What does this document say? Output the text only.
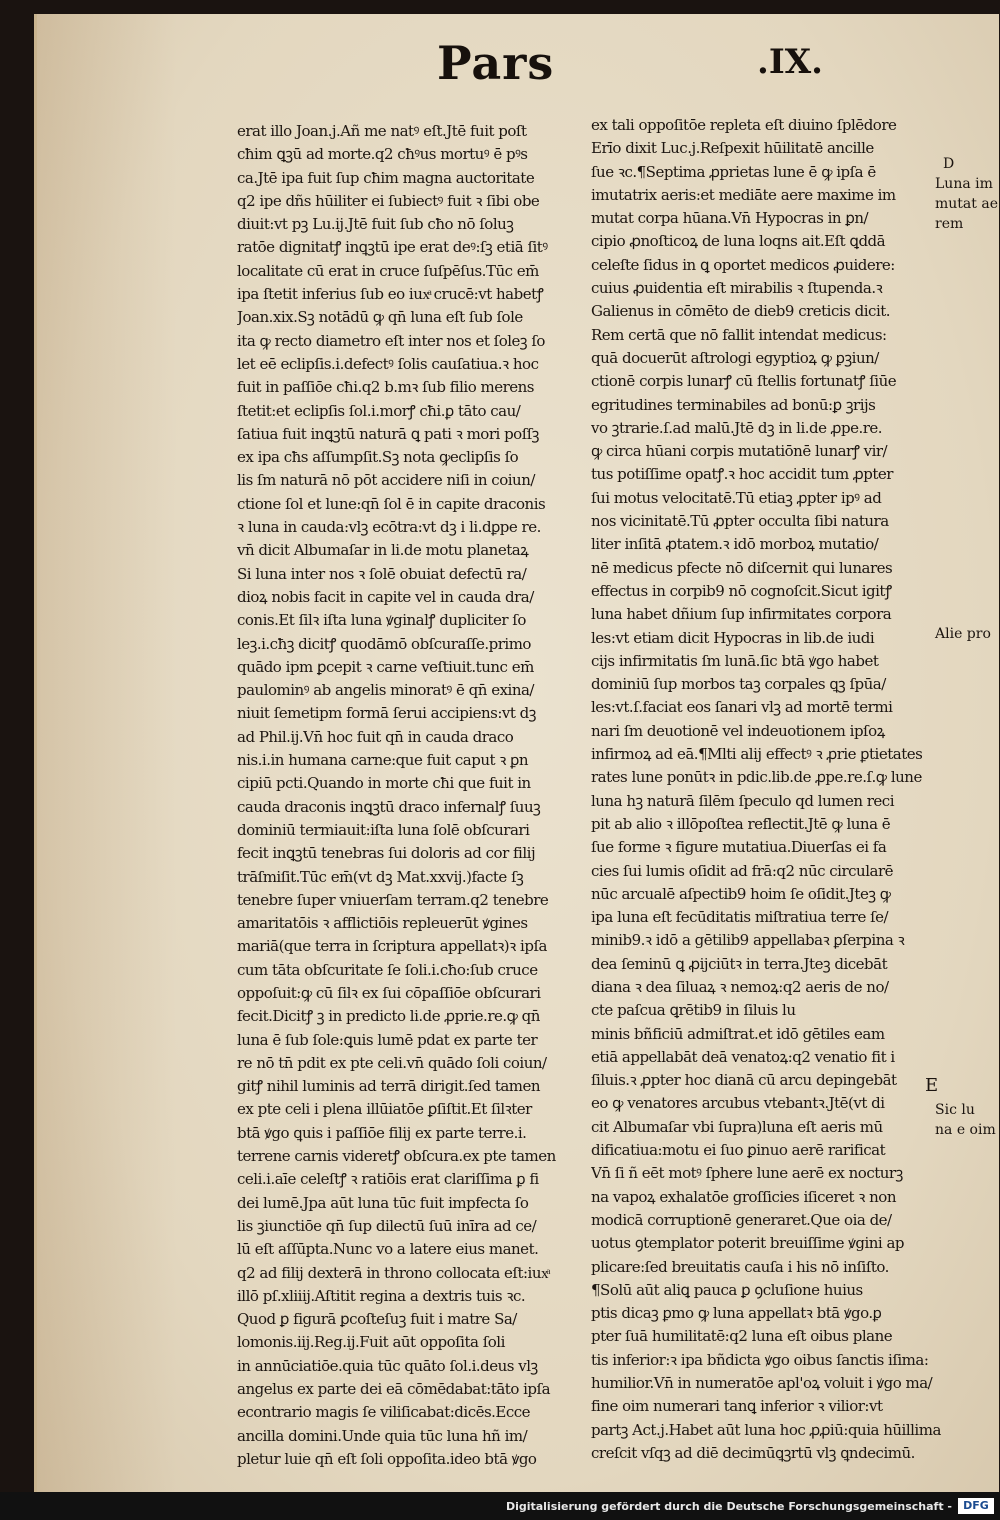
Pars	.IX.
erat illo Joan.j.Añ me natꝰ eſt.Jtē fuit poſt
cħim ꝗꝫū ad morte.q2 cħꝰus mortuꝰ ē pꝰs
ca.Jtē ipa fuit ſup cħim magna auctoritate
q2 ipe dñs hūiliter ei ſubiectꝰ fuit ꝛ ſibi obe
diuit:vt pꝫ Lu.ij.Jtē fuit ſub cħo nō ſoluꝫ
ratōe dignitatꝭ inꝗꝫtū ipe erat deꝰ:ſꝫ etiā ſitꝰ
localitate cū erat in cruce ſuſpēſus.Tūc em̄
ipa ſtetit inferius ſub eo iuxͣ crucē:vt habetꝭ
Joan.xix.Sꝫ notādū ꝙ qn̄ luna eſt ſub ſole
ita ꝙ recto diametro eſt inter nos et ſoleꝫ ſo
let eē eclipſis.i.defectꝰ ſolis cauſatiua.ꝛ hoc
fuit in paſſiōe cħi.q2 b.mꝛ ſub filio merens
ſtetit:et eclipſis ſol.i.morꝭ cħi.ꝑ tāto cau/
ſatiua fuit inꝗꝫtū naturā ꝗ pati ꝛ mori poſſꝫ
ex ipa cħs aſſumpſit.Sꝫ nota ꝙeclipſis ſo
lis ſm naturā nō pōt accidere niſi in coiun/
ctione ſol et lune:qn̄ ſol ē in capite draconis
ꝛ luna in cauda:vlꝫ ecōtra:vt dꝫ i li.dꝑpe re.
vn̄ dicit Albumaſar in li.de motu planetaꝝ
Si luna inter nos ꝛ ſolē obuiat defectū ra/
dioꝝ nobis facit in capite vel in cauda dra/
conis.Et ſilꝛ iſta luna ꝟginalꝭ dupliciter ſo
leꝫ.i.cħꝫ dicitꝭ quodāmō obſcuraſſe.primo
quādo ipm ꝑcepit ꝛ carne veſtiuit.tunc em̄
paulominꝰ ab angelis minoratꝰ ē qn̄ exina/
niuit ſemetipm formā ſerui accipiens:vt dꝫ
ad Phil.ij.Vn̄ hoc fuit qn̄ in cauda draco
nis.i.in humana carne:que fuit caput ꝛ ꝑn
cipiū pcti.Quando in morte cħi que fuit in
cauda draconis inꝗꝫtū draco infernalꝭ ſuuꝫ
dominiū termiauit:iſta luna ſolē obſcurari
fecit inꝗꝫtū tenebras ſui doloris ad cor filij
trāſmiſit.Tūc em̄(vt dꝫ Mat.xxvij.)facte ſꝫ
tenebre ſuper vniuerſam terram.q2 tenebre
amaritatōis ꝛ afflictiōis repleuerūt ꝟgines
mariā(que terra in ſcriptura appellatꝛ)ꝛ ipſa
cum tāta obſcuritate ſe ſoli.i.cħo:ſub cruce
oppoſuit:ꝙ cū ſilꝛ ex ſui cōpaſſiōe obſcurari
fecit.Dicitꝭ ꝫ in predicto li.de ꝓprie.re.ꝙ qn̄
luna ē ſub ſole:ꝗuis lumē pdat ex parte ter
re nō tn̄ pdit ex pte celi.vn̄ quādo ſoli coiun/
gitꝭ nihil luminis ad terrā dirigit.ſed tamen
ex pte celi i plena illūiatōe ꝑſiſtit.Et ſilꝛter
btā ꝟgo ꝗuis i paſſiōe filij ex parte terre.i.
terrene carnis videretꝭ obſcura.ex pte tamen
celi.i.aīe celeſtꝭ ꝛ ratiōis erat clariſſima ꝑ fi
dei lumē.Jpa aūt luna tūc fuit impfecta ſo
lis ꝫiunctiōe qn̄ ſup dilectū ſuū inīra ad ce/
lū eſt aſſūpta.Nunc vo a latere eius manet.
q2 ad filij dexterā in throno collocata eſt:iuxͣ
illō pſ.xliiij.Aſtitit regina a dextris tuis ꝛc.
Quod ꝑ figurā ꝑcoſteſuꝫ fuit i matre Sa/
lomonis.iij.Reg.ij.Fuit aūt oppoſita ſoli
in annūciatiōe.quia tūc quāto ſol.i.deus vlꝫ
angelus ex parte dei eā cōmēdabat:tāto ipſa
econtrario magis ſe viliſicabat:dicēs.Ecce
ancilla domini.Unde quia tūc luna hñ im/
pletur luie qn̄ eſt ſoli oppoſita.ideo btā ꝟgo
ex tali oppoſitōe repleta eſt diuino ſplēdore
Erīo dixit Luc.j.Reſpexit hūilitatē ancille
ſue ꝛc.¶Septima ꝓprietas lune ē ꝙ ipſa ē
imutatrix aeris:et mediāte aere maxime im
mutat corpa hūana.Vn̄ Hypocras in ꝑn/
cipio ꝓnoſticoꝝ de luna loqns ait.Eſt ꝗddā
celeſte ſidus in ꝗ oportet medicos ꝓuidere:
cuius ꝓuidentia eſt mirabilis ꝛ ſtupenda.ꝛ
Galienus in cōmēto de dieb9 creticis dicit.
Rem certā que nō fallit intendat medicus:
quā docuerūt aſtrologi egyptioꝝ ꝙ ꝑꝫiun/
ctionē corpis lunarꝭ cū ſtellis fortunatꝭ ſiūe
egritudines terminabiles ad bonū:ꝑ ꝫrijs
vo ꝫtrarie.ſ.ad malū.Jtē dꝫ in li.de ꝓpe.re.
ꝙ circa hūani corpis mutatiōnē lunarꝭ vir/
tus potiſſime opatꝭ.ꝛ hoc accidit tum ꝓpter
ſui motus velocitatē.Tū etiaꝫ ꝓpter ipꝰ ad
nos vicinitatē.Tū ꝓpter occulta ſibi natura
liter inſitā ꝓtatem.ꝛ idō morboꝝ mutatio/
nē medicus pfecte nō diſcernit qui lunares
effectus in corpib9 nō cognoſcit.Sicut igitꝭ
luna habet dñium ſup infirmitates corpora
les:vt etiam dicit Hypocras in lib.de iudi
cijs infirmitatis ſm lunā.ſic btā ꝟgo habet
dominiū ſup morbos taꝫ corpales ꝗꝫ ſpūa/
les:vt.ſ.faciat eos ſanari vlꝫ ad mortē termi
nari ſm deuotionē vel indeuotionem ipſoꝝ
infirmoꝝ ad eā.¶Mlti alij effectꝰ ꝛ ꝓrie ꝑtietates
rates lune ponūtꝛ in pdic.lib.de ꝓpe.re.ſ.ꝙ lune
luna hꝫ naturā ſilēm ſpeculo qd lumen reci
pit ab alio ꝛ illōpoſtea reflectit.Jtē ꝙ luna ē
ſue forme ꝛ figure mutatiua.Diuerſas ei fa
cies ſui lumis oſidit ad frā:q2 nūc circularē
nūc arcualē aſpectib9 hoim ſe oſidit.Jteꝫ ꝙ
ipa luna eſt fecūditatis miſtratiua terre ſe/
minib9.ꝛ idō a gētilib9 appellabaꝛ ꝑſerpina ꝛ
dea ſeminū ꝗ ꝓijciūtꝛ in terra.Jteꝫ dicebāt
diana ꝛ dea ſiluaꝝ ꝛ nemoꝝ:q2 aeris de no/
cte paſcua ꝗrētib9 in ſiluis lu
minis bñficiū admiſtrat.et idō gētiles eam
etiā appellabāt deā venatoꝝ:q2 venatio fit i
ſiluis.ꝛ ꝓpter hoc dianā cū arcu depingebāt
eo ꝙ venatores arcubus vtebantꝛ.Jtē(vt di
cit Albumaſar vbi ſupra)luna eſt aeris mū
dificatiua:motu ei ſuo ꝑinuo aerē rarificat
Vn̄ ſi ñ eēt motꝰ ſphere lune aerē ex nocturꝫ
na vapoꝝ exhalatōe groſſicies iſiceret ꝛ non
modicā corruptionē generaret.Que oia de/
uotus ꝯtemplator poterit breuiſſime ꝟgini ap
plicare:ſed breuitatis cauſa i his nō inſiſto.
¶Solū aūt aliꝗ pauca ꝑ ꝯcluſione huius
ptis dicaꝫ ꝑmo ꝙ luna appellatꝛ btā ꝟgo.ꝑ
pter ſuā humilitatē:q2 luna eſt oibus plane
tis inferior:ꝛ ipa bñdicta ꝟgo oibus ſanctis iſima:
humilior.Vn̄ in numeratōe apl'oꝝ voluit i ꝟgo ma/
fine oim numerari tanꝗ inferior ꝛ vilior:vt
partꝫ Act.j.Habet aūt luna hoc ꝓꝓiū:quia hūillima
creſcit vſqꝫ ad diē decimūꝗꝫrtū vlꝫ ꝗndecimū.
D
Luna im
mutat ae
rem
Alie pro
E
Sic lu
na e oim
Digitalisierung gefördert durch die Deutsche Forschungsgemeinschaft -	DFG
